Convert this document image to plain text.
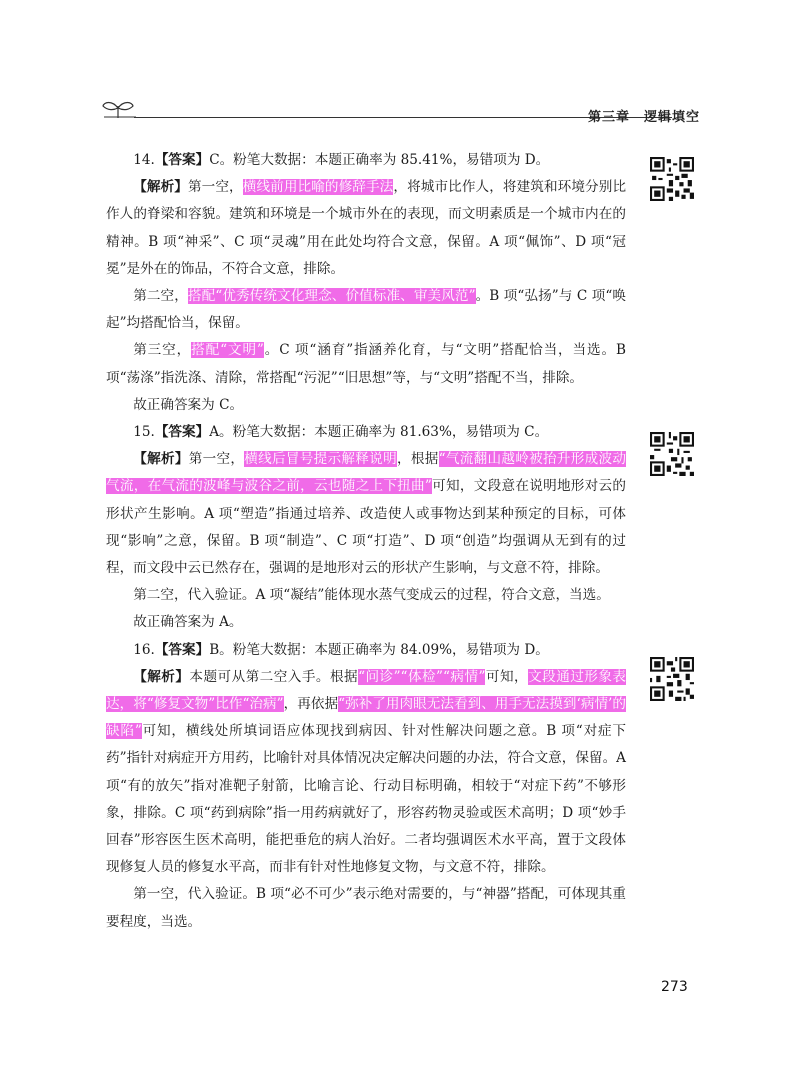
第三章 逻辑填空

14.【答案】C。粉笔大数据：本题正确率为 85.41%，易错项为 D。

【解析】第一空，横线前用比喻的修辞手法，将城市比作人，将建筑和环境分别比作人的脊梁和容貌。建筑和环境是一个城市外在的表现，而文明素质是一个城市内在的精神。B 项“神采”、C 项“灵魂”用在此处均符合文意，保留。A 项“佩饰”、D 项“冠冕”是外在的饰品，不符合文意，排除。

第二空，搭配“优秀传统文化理念、价值标准、审美风范”。B 项“弘扬”与 C 项“唤起”均搭配恰当，保留。

第三空，搭配“文明”。C 项“涵育”指涵养化育，与“文明”搭配恰当，当选。B 项“荡涤”指洗涤、清除，常搭配“污泥”“旧思想”等，与“文明”搭配不当，排除。

故正确答案为 C。

15.【答案】A。粉笔大数据：本题正确率为 81.63%，易错项为 C。

【解析】第一空，横线后冒号提示解释说明，根据“气流翻山越岭被抬升形成波动气流，在气流的波峰与波谷之前，云也随之上下扭曲”可知，文段意在说明地形对云的形状产生影响。A 项“塑造”指通过培养、改造使人或事物达到某种预定的目标，可体现“影响”之意，保留。B 项“制造”、C 项“打造”、D 项“创造”均强调从无到有的过程，而文段中云已然存在，强调的是地形对云的形状产生影响，与文意不符，排除。

第二空，代入验证。A 项“凝结”能体现水蒸气变成云的过程，符合文意，当选。

故正确答案为 A。

16.【答案】B。粉笔大数据：本题正确率为 84.09%，易错项为 D。

【解析】本题可从第二空入手。根据“问诊”“体检”“病情”可知，文段通过形象表达，将“修复文物”比作“治病”，再依据“弥补了用肉眼无法看到、用手无法摸到‘病情’的缺陷”可知，横线处所填词语应体现找到病因、针对性解决问题之意。B 项“对症下药”指针对病症开方用药，比喻针对具体情况决定解决问题的办法，符合文意，保留。A 项“有的放矢”指对准靶子射箭，比喻言论、行动目标明确，相较于“对症下药”不够形象，排除。C 项“药到病除”指一用药病就好了，形容药物灵验或医术高明；D 项“妙手回春”形容医生医术高明，能把垂危的病人治好。二者均强调医术水平高，置于文段体现修复人员的修复水平高，而非有针对性地修复文物，与文意不符，排除。

第一空，代入验证。B 项“必不可少”表示绝对需要的，与“神器”搭配，可体现其重要程度，当选。

273
